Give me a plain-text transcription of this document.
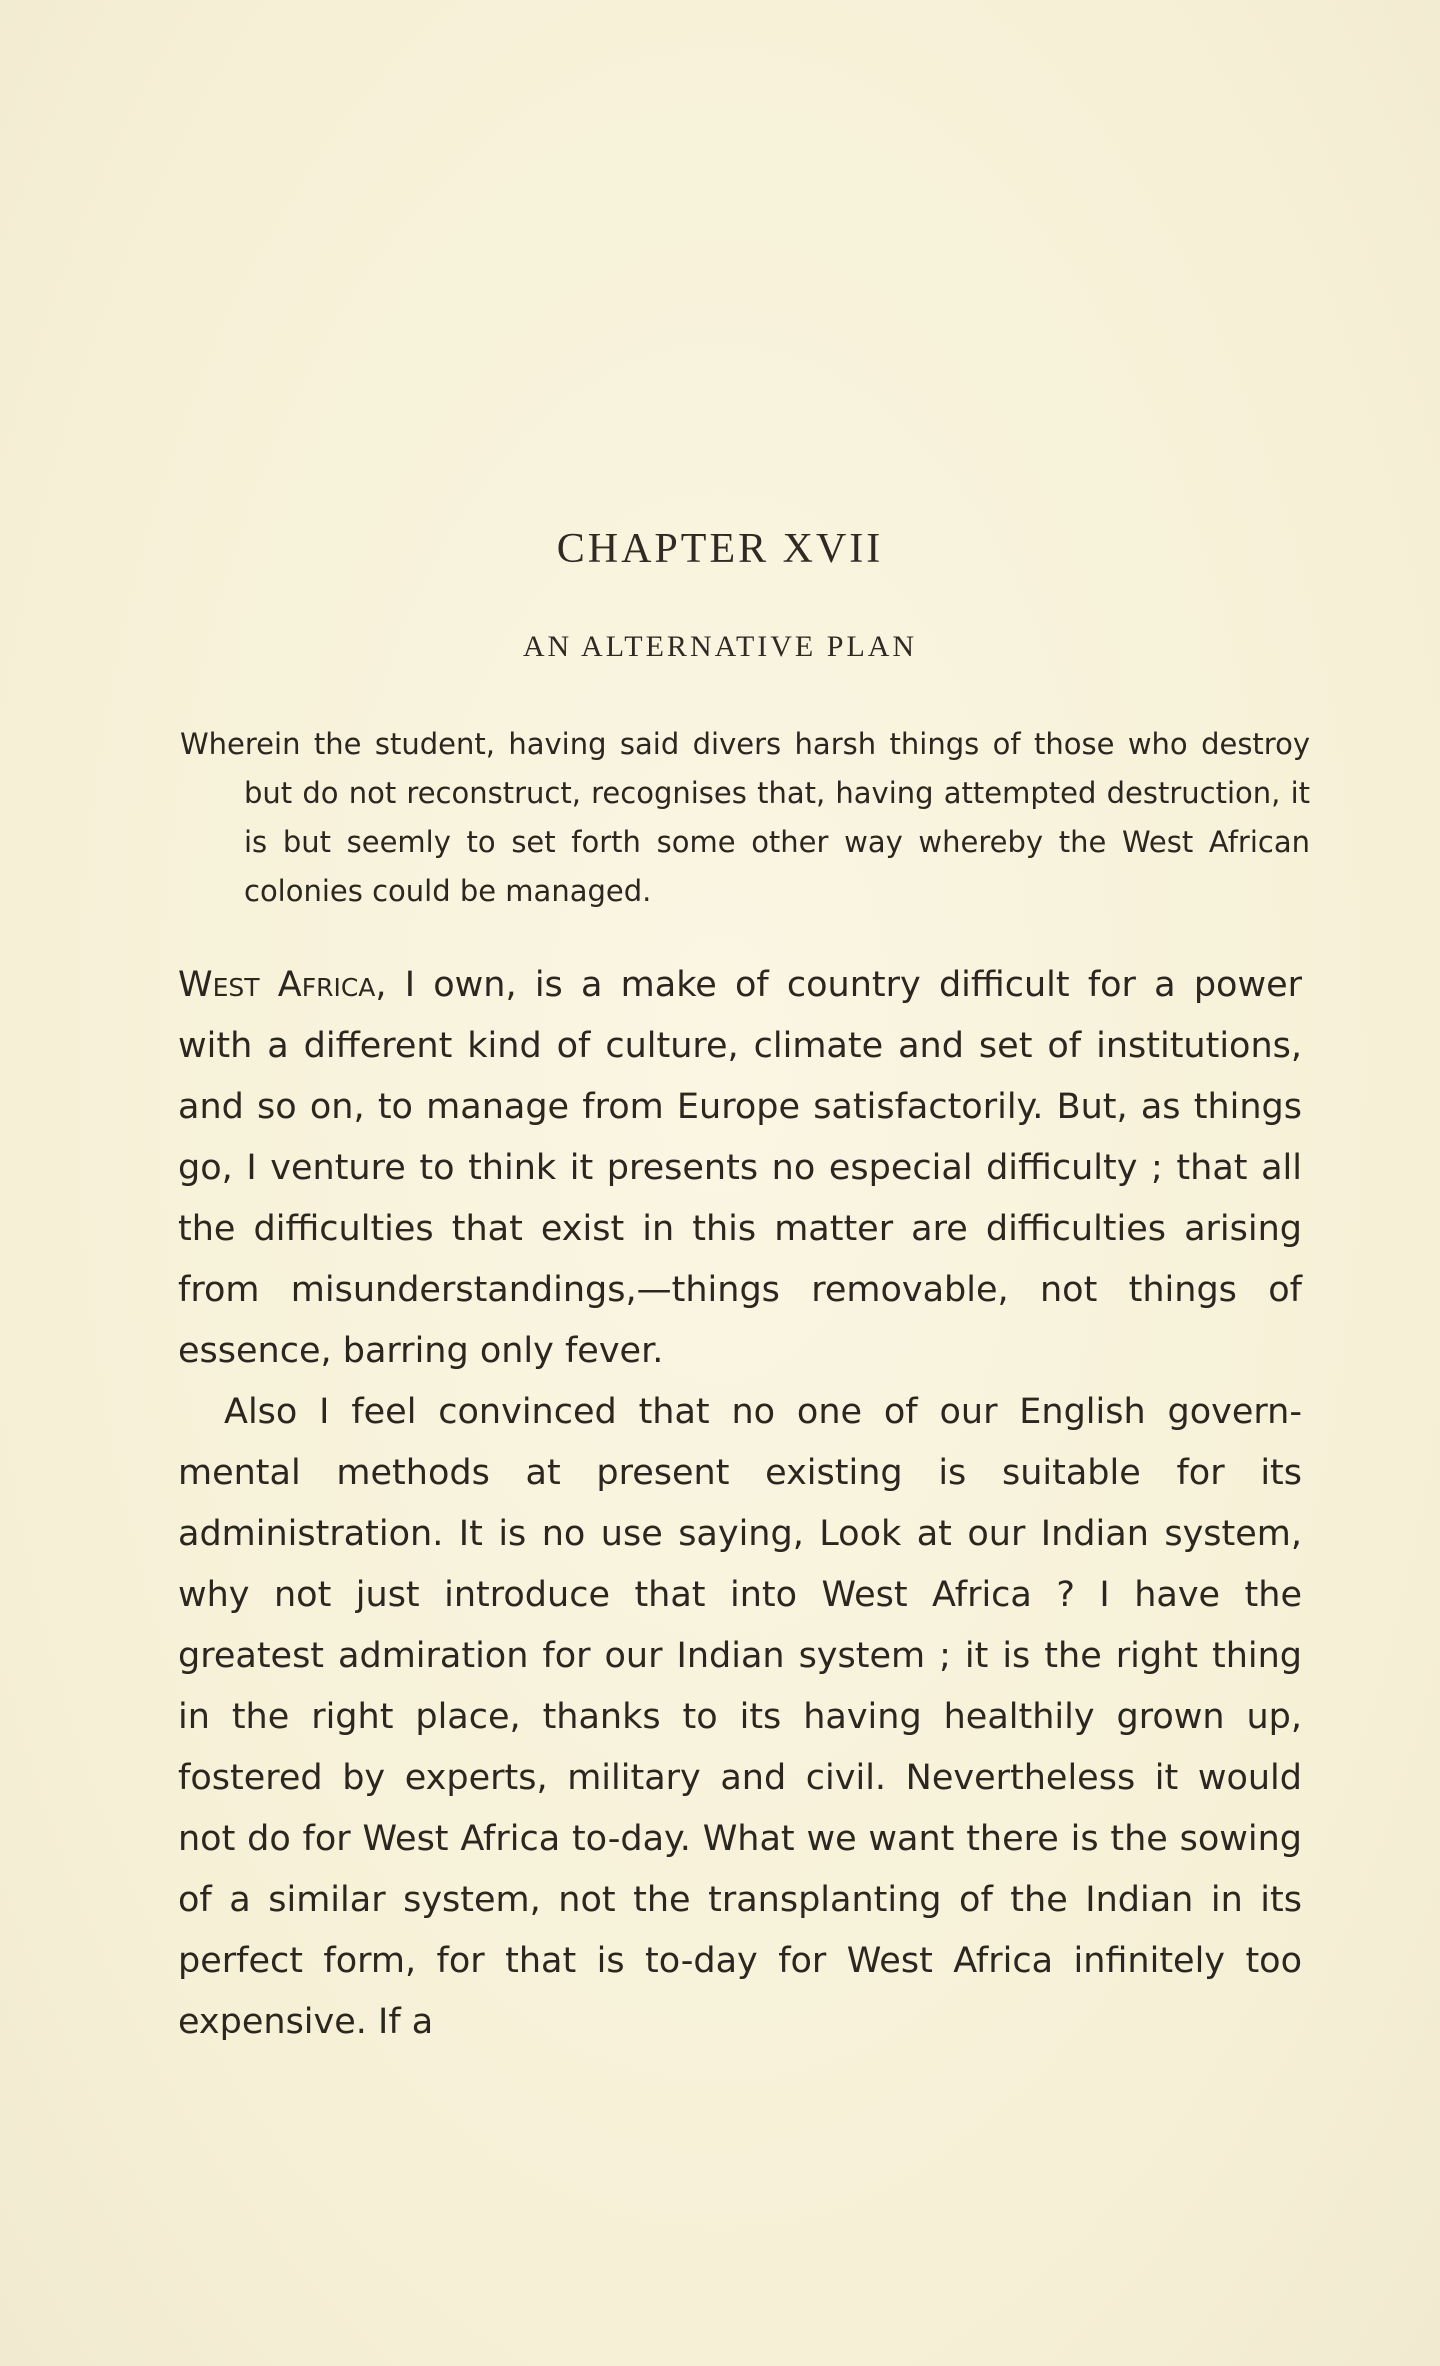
CHAPTER XVII
AN ALTERNATIVE PLAN
Wherein the student, having said divers harsh things of those who destroy but do not reconstruct, recognises that, having attempted destruction, it is but seemly to set forth some other way whereby the West African colonies could be managed.

West Africa, I own, is a make of country difficult for a power with a different kind of culture, climate and set of institutions, and so on, to manage from Europe satisfactorily. But, as things go, I venture to think it presents no especial difficulty ; that all the difficulties that exist in this matter are difficulties arising from misunderstandings,—things removable, not things of essence, barring only fever.

Also I feel convinced that no one of our English governmental methods at present existing is suitable for its administration. It is no use saying, Look at our Indian system, why not just introduce that into West Africa ? I have the greatest admiration for our Indian system ; it is the right thing in the right place, thanks to its having healthily grown up, fostered by experts, military and civil. Nevertheless it would not do for West Africa to-day. What we want there is the sowing of a similar system, not the transplanting of the Indian in its perfect form, for that is to-day for West Africa infinitely too expensive. If a
